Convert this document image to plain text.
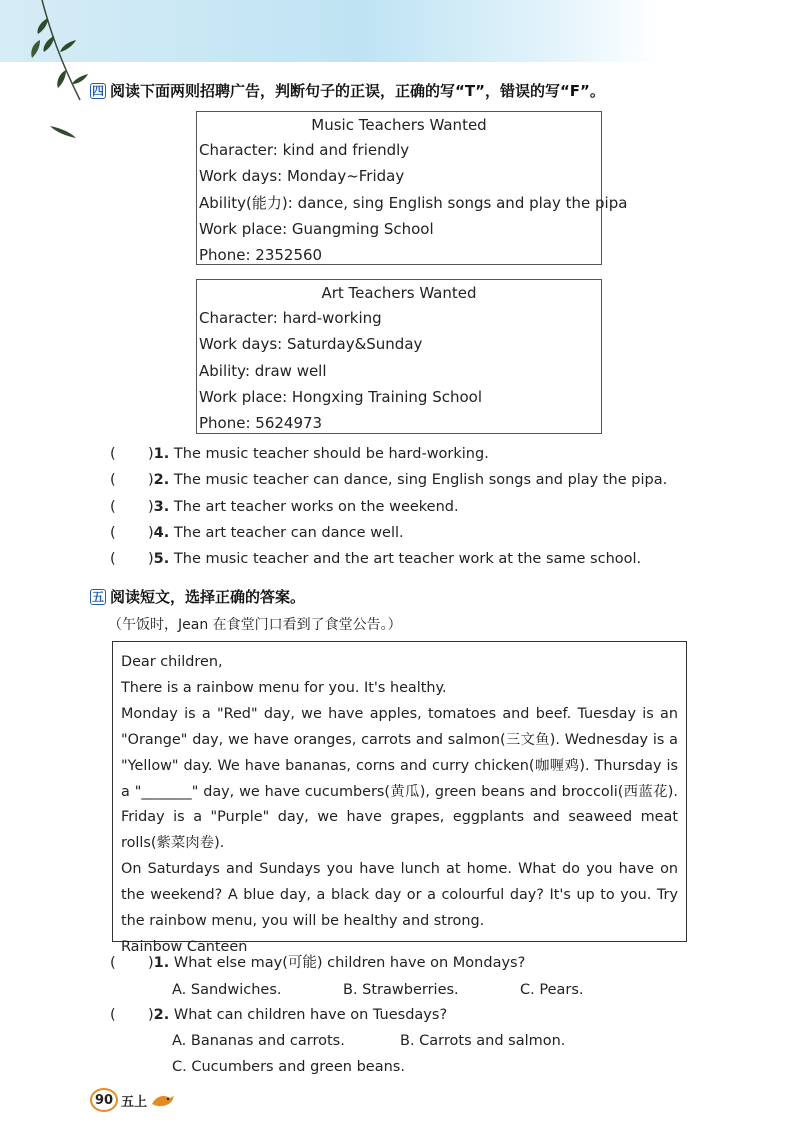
四 阅读下面两则招聘广告，判断句子的正误，正确的写“T”，错误的写“F”。
Music Teachers Wanted
Character: kind and friendly
Work days: Monday~Friday
Ability(能力): dance, sing English songs and play the pipa
Work place: Guangming School
Phone: 2352560
Art Teachers Wanted
Character: hard-working
Work days: Saturday&Sunday
Ability: draw well
Work place: Hongxing Training School
Phone: 5624973
( )1. The music teacher should be hard-working.
( )2. The music teacher can dance, sing English songs and play the pipa.
( )3. The art teacher works on the weekend.
( )4. The art teacher can dance well.
( )5. The music teacher and the art teacher work at the same school.
五 阅读短文，选择正确的答案。
（午饭时，Jean 在食堂门口看到了食堂公告。）

Dear children,

There is a rainbow menu for you. It's healthy.

Monday is a "Red" day, we have apples, tomatoes and beef. Tuesday is an "Orange" day, we have oranges, carrots and salmon(三文鱼). Wednesday is a "Yellow" day. We have bananas, corns and curry chicken(咖喱鸡). Thursday is a "_______" day, we have cucumbers(黄瓜), green beans and broccoli(西蓝花). Friday is a "Purple" day, we have grapes, eggplants and seaweed meat rolls(紫菜肉卷).

On Saturdays and Sundays you have lunch at home. What do you have on the weekend? A blue day, a black day or a colourful day? It's up to you. Try the rainbow menu, you will be healthy and strong.

Rainbow Canteen

( )1. What else may(可能) children have on Mondays?
A. Sandwiches.	B. Strawberries.	C. Pears.
( )2. What can children have on Tuesdays?
A. Bananas and carrots.	B. Carrots and salmon.
C. Cucumbers and green beans.
90 五上
